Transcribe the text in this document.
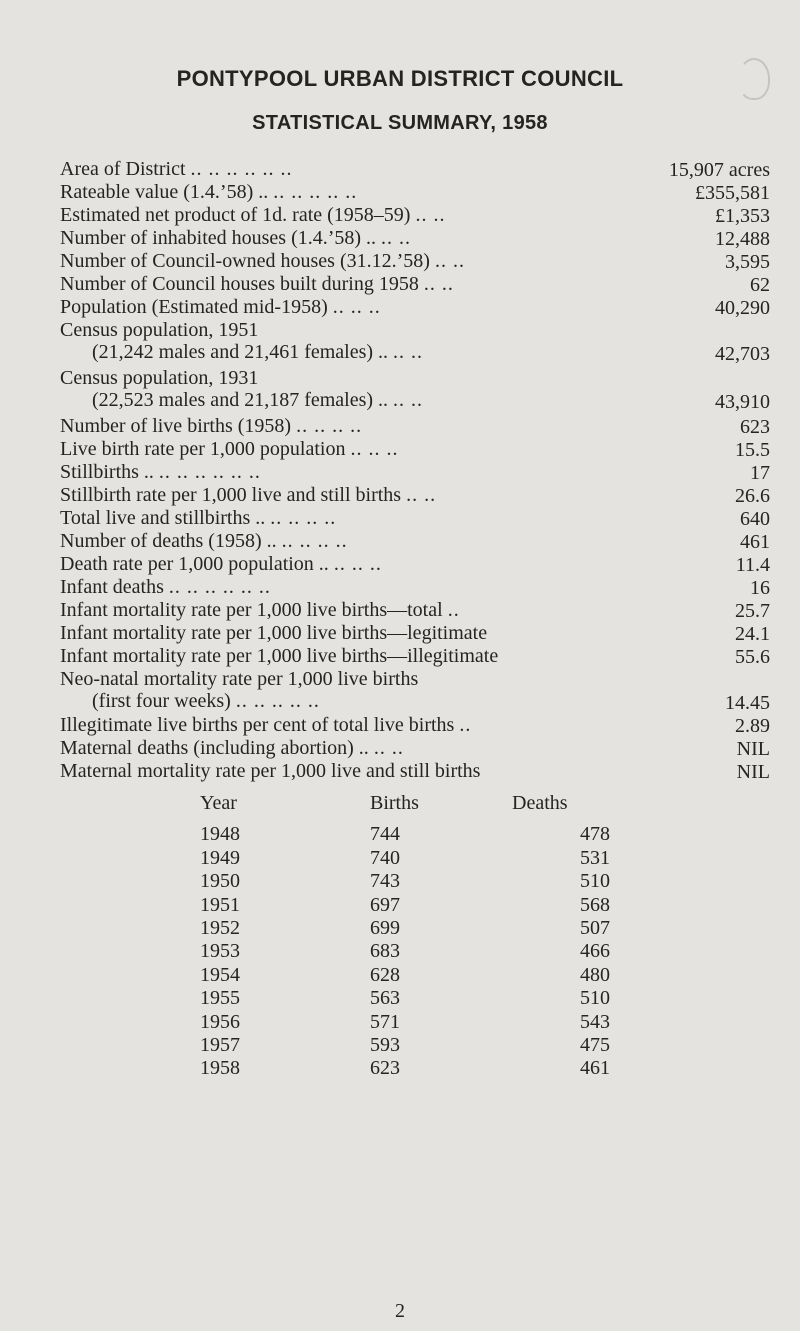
PONTYPOOL URBAN DISTRICT COUNCIL
STATISTICAL SUMMARY, 1958
Area of District .. .. .. .. .. ..	15,907 acres
Rateable value (1.4.’58) .. .. .. .. .. ..	£355,581
Estimated net product of 1d. rate (1958–59) .. ..	£1,353
Number of inhabited houses (1.4.’58) .. .. ..	12,488
Number of Council-owned houses (31.12.’58) .. ..	3,595
Number of Council houses built during 1958 .. ..	62
Population (Estimated mid-1958) .. .. ..	40,290
Census population, 1951
(21,242 males and 21,461 females) .. .. ..	42,703
Census population, 1931
(22,523 males and 21,187 females) .. .. ..	43,910
Number of live births (1958) .. .. .. ..	623
Live birth rate per 1,000 population .. .. ..	15.5
Stillbirths .. .. .. .. .. .. ..	17
Stillbirth rate per 1,000 live and still births .. ..	26.6
Total live and stillbirths .. .. .. .. ..	640
Number of deaths (1958) .. .. .. .. ..	461
Death rate per 1,000 population .. .. .. ..	11.4
Infant deaths .. .. .. .. .. ..	16
Infant mortality rate per 1,000 live births—total ..	25.7
Infant mortality rate per 1,000 live births—legitimate	24.1
Infant mortality rate per 1,000 live births—illegitimate	55.6
Neo-natal mortality rate per 1,000 live births
(first four weeks) .. .. .. .. ..	14.45
Illegitimate live births per cent of total live births ..	2.89
Maternal deaths (including abortion) .. .. ..	NIL
Maternal mortality rate per 1,000 live and still births	NIL
Year	Births	Deaths
1948	744	478
1949	740	531
1950	743	510
1951	697	568
1952	699	507
1953	683	466
1954	628	480
1955	563	510
1956	571	543
1957	593	475
1958	623	461
2
